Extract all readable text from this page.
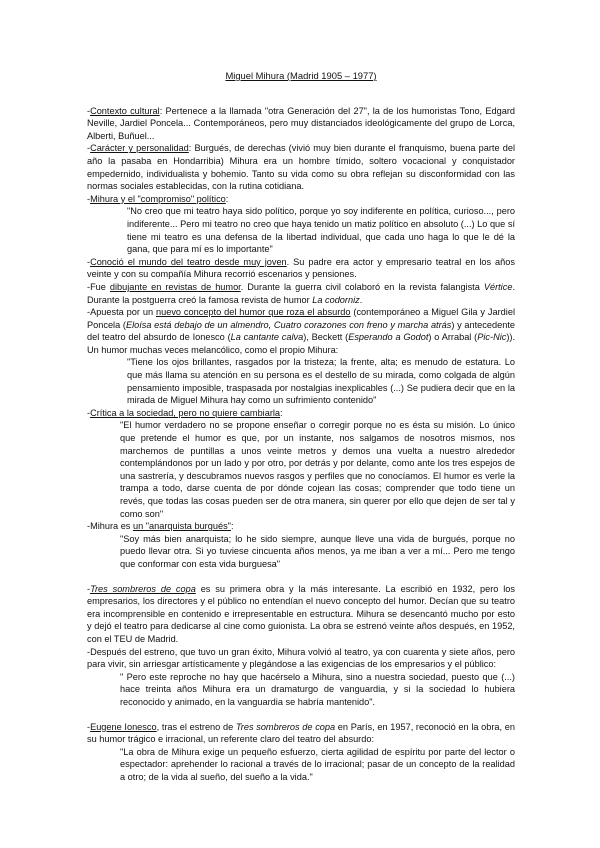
Miguel Mihura (Madrid 1905 – 1977)

-Contexto cultural: Pertenece a la llamada "otra Generación del 27", la de los humoristas Tono, Edgard Neville, Jardiel Poncela... Contemporáneos, pero muy distanciados ideológicamente del grupo de Lorca, Alberti, Buñuel...

-Carácter y personalidad: Burgués, de derechas (vivió muy bien durante el franquismo, buena parte del año la pasaba en Hondarribia) Mihura era un hombre tímido, soltero vocacional y conquistador empedernido, individualista y bohemio. Tanto su vida como su obra reflejan su disconformidad con las normas sociales establecidas, con la rutina cotidiana.

-Mihura y el "compromiso" político:

"No creo que mi teatro haya sido político, porque yo soy indiferente en política, curioso..., pero indiferente... Pero mi teatro no creo que haya tenido un matiz político en absoluto (...) Lo que sí tiene mi teatro es una defensa de la libertad individual, que cada uno haga lo que le dé la gana, que para mí es lo importante"

-Conoció el mundo del teatro desde muy joven. Su padre era actor y empresario teatral en los años veinte y con su compañía Mihura recorrió escenarios y pensiones.

-Fue dibujante en revistas de humor. Durante la guerra civil colaboró en la revista falangista Vértice. Durante la postguerra creó la famosa revista de humor La codorniz.

-Apuesta por un nuevo concepto del humor que roza el absurdo (contemporáneo a Miguel Gila y Jardiel Poncela (Eloísa está debajo de un almendro, Cuatro corazones con freno y marcha atrás) y antecedente del teatro del absurdo de Ionesco (La cantante calva), Beckett (Esperando a Godot) o Arrabal (Pic-Nic)). Un humor muchas veces melancólico, como el propio Mihura:

"Tiene los ojos brillantes, rasgados por la tristeza; la frente, alta; es menudo de estatura. Lo que más llama su atención en su persona es el destello de su mirada, como colgada de algún pensamiento imposible, traspasada por nostalgias inexplicables (...) Se pudiera decir que en la mirada de Miguel Mihura hay como un sufrimiento contenido"

-Crítica a la sociedad, pero no quiere cambiarla:

"El humor verdadero no se propone enseñar o corregir porque no es ésta su misión. Lo único que pretende el humor es que, por un instante, nos salgamos de nosotros mismos, nos marchemos de puntillas a unos veinte metros y demos una vuelta a nuestro alrededor contemplándonos por un lado y por otro, por detrás y por delante, como ante los tres espejos de una sastrería, y descubramos nuevos rasgos y perfiles que no conocíamos. El humor es verle la trampa a todo, darse cuenta de por dónde cojean las cosas; comprender que todo tiene un revés, que todas las cosas pueden ser de otra manera, sin querer por ello que dejen de ser tal y como son"

-Mihura es un "anarquista burgués":

"Soy más bien anarquista; lo he sido siempre, aunque lleve una vida de burgués, porque no puedo llevar otra. Si yo tuviese cincuenta años menos, ya me iban a ver a mí... Pero me tengo que conformar con esta vida burguesa"

-Tres sombreros de copa es su primera obra y la más interesante. La escribió en 1932, pero los empresarios, los directores y el público no entendían el nuevo concepto del humor. Decían que su teatro era incomprensible en contenido e irrepresentable en estructura. Mihura se desencantó mucho por esto y dejó el teatro para dedicarse al cine como guionista. La obra se estrenó veinte años después, en 1952, con el TEU de Madrid.

-Después del estreno, que tuvo un gran éxito, Mihura volvió al teatro, ya con cuarenta y siete años, pero para vivir, sin arriesgar artísticamente y plegándose a las exigencias de los empresarios y el público:

" Pero este reproche no hay que hacérselo a Mihura, sino a nuestra sociedad, puesto que (...) hace treinta años Mihura era un dramaturgo de vanguardia, y si la sociedad lo hubiera reconocido y animado, en la vanguardia se habría mantenido".

-Eugene Ionesco, tras el estreno de Tres sombreros de copa en París, en 1957, reconoció en la obra, en su humor trágico e irracional, un referente claro del teatro del absurdo:

"La obra de Mihura exige un pequeño esfuerzo, cierta agilidad de espíritu por parte del lector o espectador: aprehender lo racional a través de lo irracional; pasar de un concepto de la realidad a otro; de la vida al sueño, del sueño a la vida."
